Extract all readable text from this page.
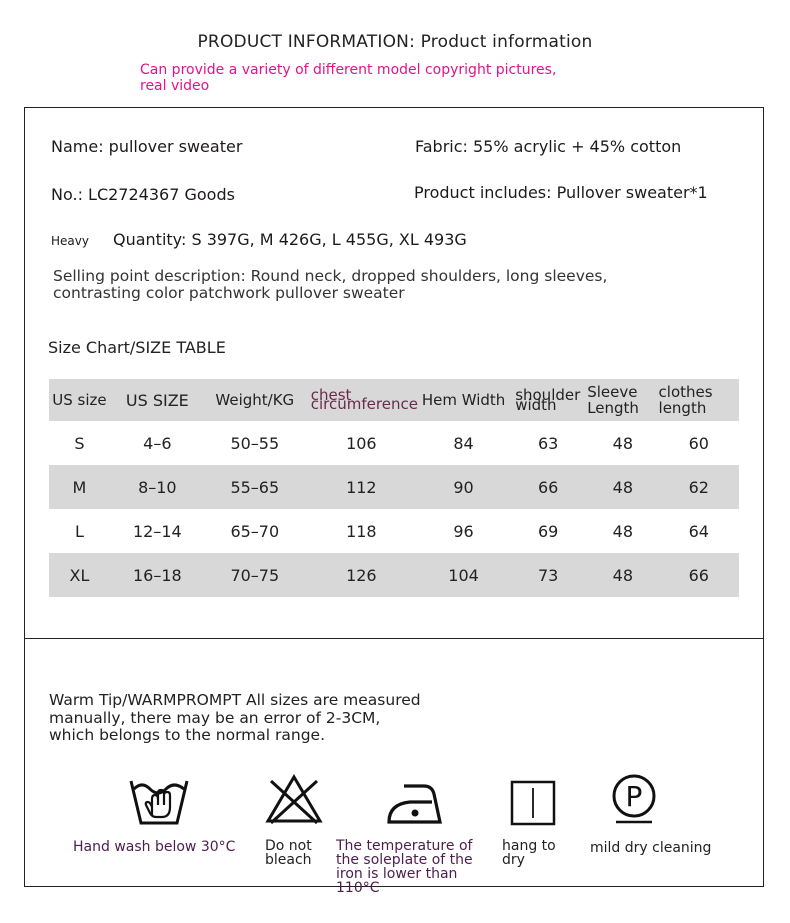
PRODUCT INFORMATION: Product information
Can provide a variety of different model copyright pictures, real video
Name: pullover sweater	Fabric: 55% acrylic + 45% cotton
No.: LC2724367 Goods	Product includes: Pullover sweater*1
Heavy Quantity: S 397G, M 426G, L 455G, XL 493G
Selling point description: Round neck, dropped shoulders, long sleeves, contrasting color patchwork pullover sweater
Size Chart/SIZE TABLE
US size	US SIZE	Weight/KG	chest circumference	Hem Width	shoulder width	Sleeve Length	clothes length
S	4–6	50–55	106	84	63	48	60
M	8–10	55–65	112	90	66	48	62
L	12–14	65–70	118	96	69	48	64
XL	16–18	70–75	126	104	73	48	66
Warm Tip/WARMPROMPT All sizes are measured manually, there may be an error of 2-3CM, which belongs to the normal range.
P
Hand wash below 30°C	Do not bleach
The temperature of the soleplate of the iron is lower than 110°C
hang to dry
mild dry cleaning
